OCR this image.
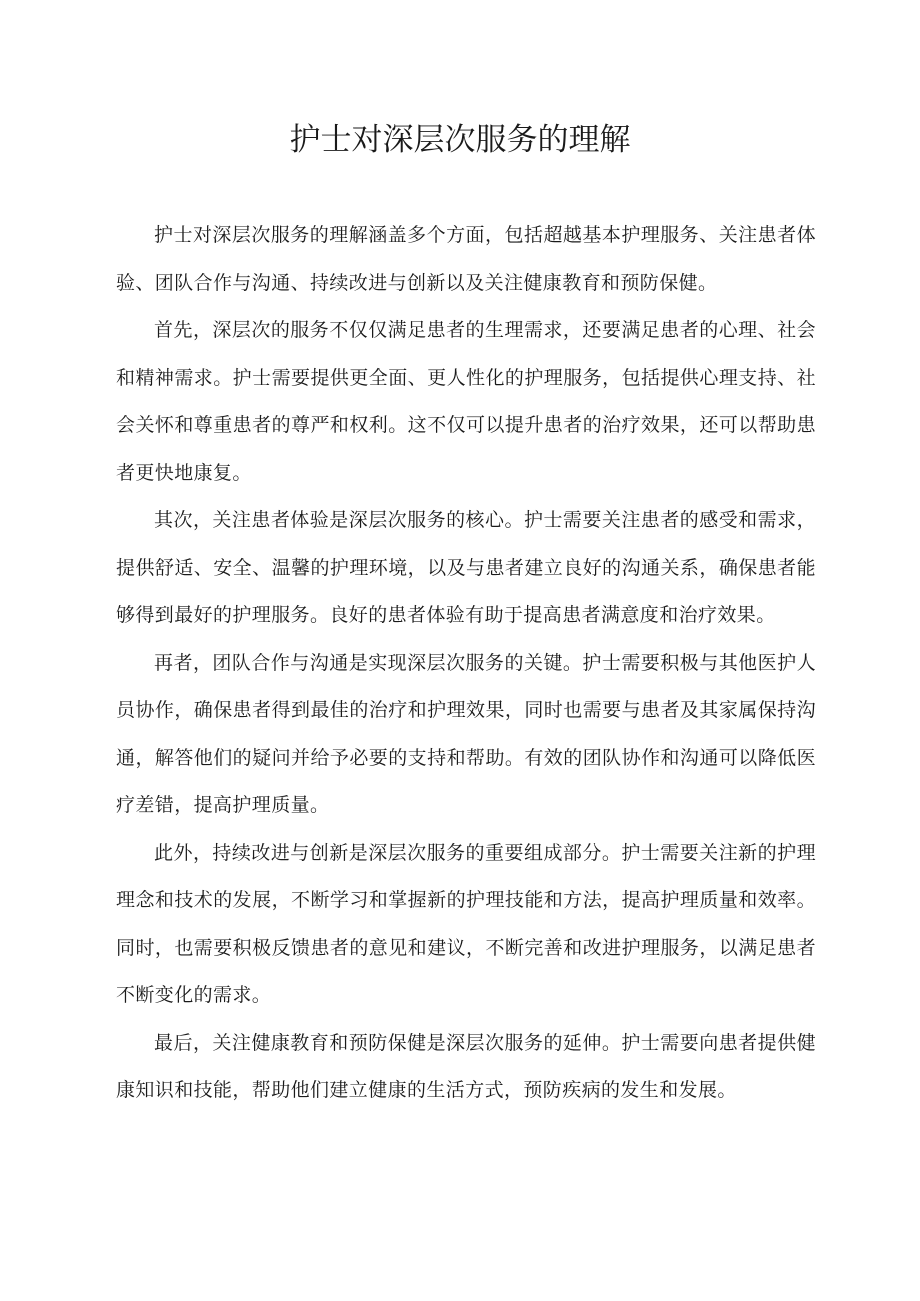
护士对深层次服务的理解

护士对深层次服务的理解涵盖多个方面，包括超越基本护理服务、关注患者体验、团队合作与沟通、持续改进与创新以及关注健康教育和预防保健。

首先，深层次的服务不仅仅满足患者的生理需求，还要满足患者的心理、社会和精神需求。护士需要提供更全面、更人性化的护理服务，包括提供心理支持、社会关怀和尊重患者的尊严和权利。这不仅可以提升患者的治疗效果，还可以帮助患者更快地康复。

其次，关注患者体验是深层次服务的核心。护士需要关注患者的感受和需求，提供舒适、安全、温馨的护理环境，以及与患者建立良好的沟通关系，确保患者能够得到最好的护理服务。良好的患者体验有助于提高患者满意度和治疗效果。

再者，团队合作与沟通是实现深层次服务的关键。护士需要积极与其他医护人员协作，确保患者得到最佳的治疗和护理效果，同时也需要与患者及其家属保持沟通，解答他们的疑问并给予必要的支持和帮助。有效的团队协作和沟通可以降低医疗差错，提高护理质量。

此外，持续改进与创新是深层次服务的重要组成部分。护士需要关注新的护理理念和技术的发展，不断学习和掌握新的护理技能和方法，提高护理质量和效率。同时，也需要积极反馈患者的意见和建议，不断完善和改进护理服务，以满足患者不断变化的需求。

最后，关注健康教育和预防保健是深层次服务的延伸。护士需要向患者提供健康知识和技能，帮助他们建立健康的生活方式，预防疾病的发生和发展。
